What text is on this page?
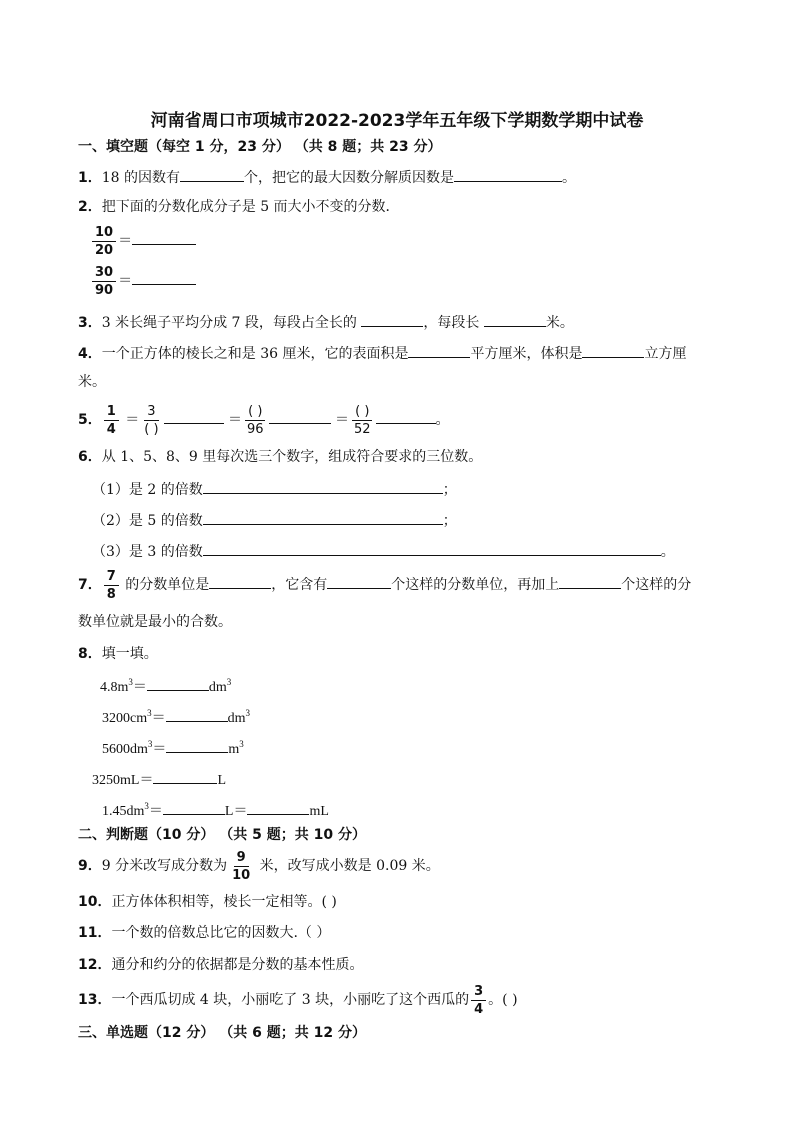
河南省周口市项城市2022-2023学年五年级下学期数学期中试卷
一、填空题（每空 1 分，23 分） （共 8 题；共 23 分）
1．18 的因数有	个，把它的最大因数分解质因数是	。
2．把下面的分数化成分子是 5 而大小不变的分数．
$\frac{10}{20}$ ＝
$\frac{30}{90}$ ＝
3．3 米长绳子平均分成 7 段，每段占全长的	，每段长	米。
4．一个正方体的棱长之和是 36 厘米，它的表面积是	平方厘米，体积是	立方厘
米。
5． $\frac{1}{4} = \frac{3}{( )}$	＝ $\frac{( )}{96}$	＝ $\frac{( )}{52}$	。
6．从 1、5、8、9 里每次选三个数字，组成符合要求的三位数。
（1）是 2 的倍数	；
（2）是 5 的倍数	；
（3）是 3 的倍数	。
7． $\frac{7}{8}$ 的分数单位是	，它含有	个这样的分数单位，再加上	个这样的分
数单位就是最小的合数。
8．填一填。
$4.8m^3=$	$dm^3$
$3200cm^3=$	$dm^3$
$5600dm^3=$	$m^3$
3250mL＝	L
$1.45dm^3=$	L＝	mL
二、判断题（10 分） （共 5 题；共 10 分）
9．9 分米改写成分数为 $\frac{9}{10}$ 米，改写成小数是 0.09 米。
10．正方体体积相等，棱长一定相等。( )
11．一个数的倍数总比它的因数大.（ ）
12．通分和约分的依据都是分数的基本性质。
13．一个西瓜切成 4 块，小丽吃了 3 块，小丽吃了这个西瓜的 $\frac{3}{4}$ 。( )
三、单选题（12 分） （共 6 题；共 12 分）
